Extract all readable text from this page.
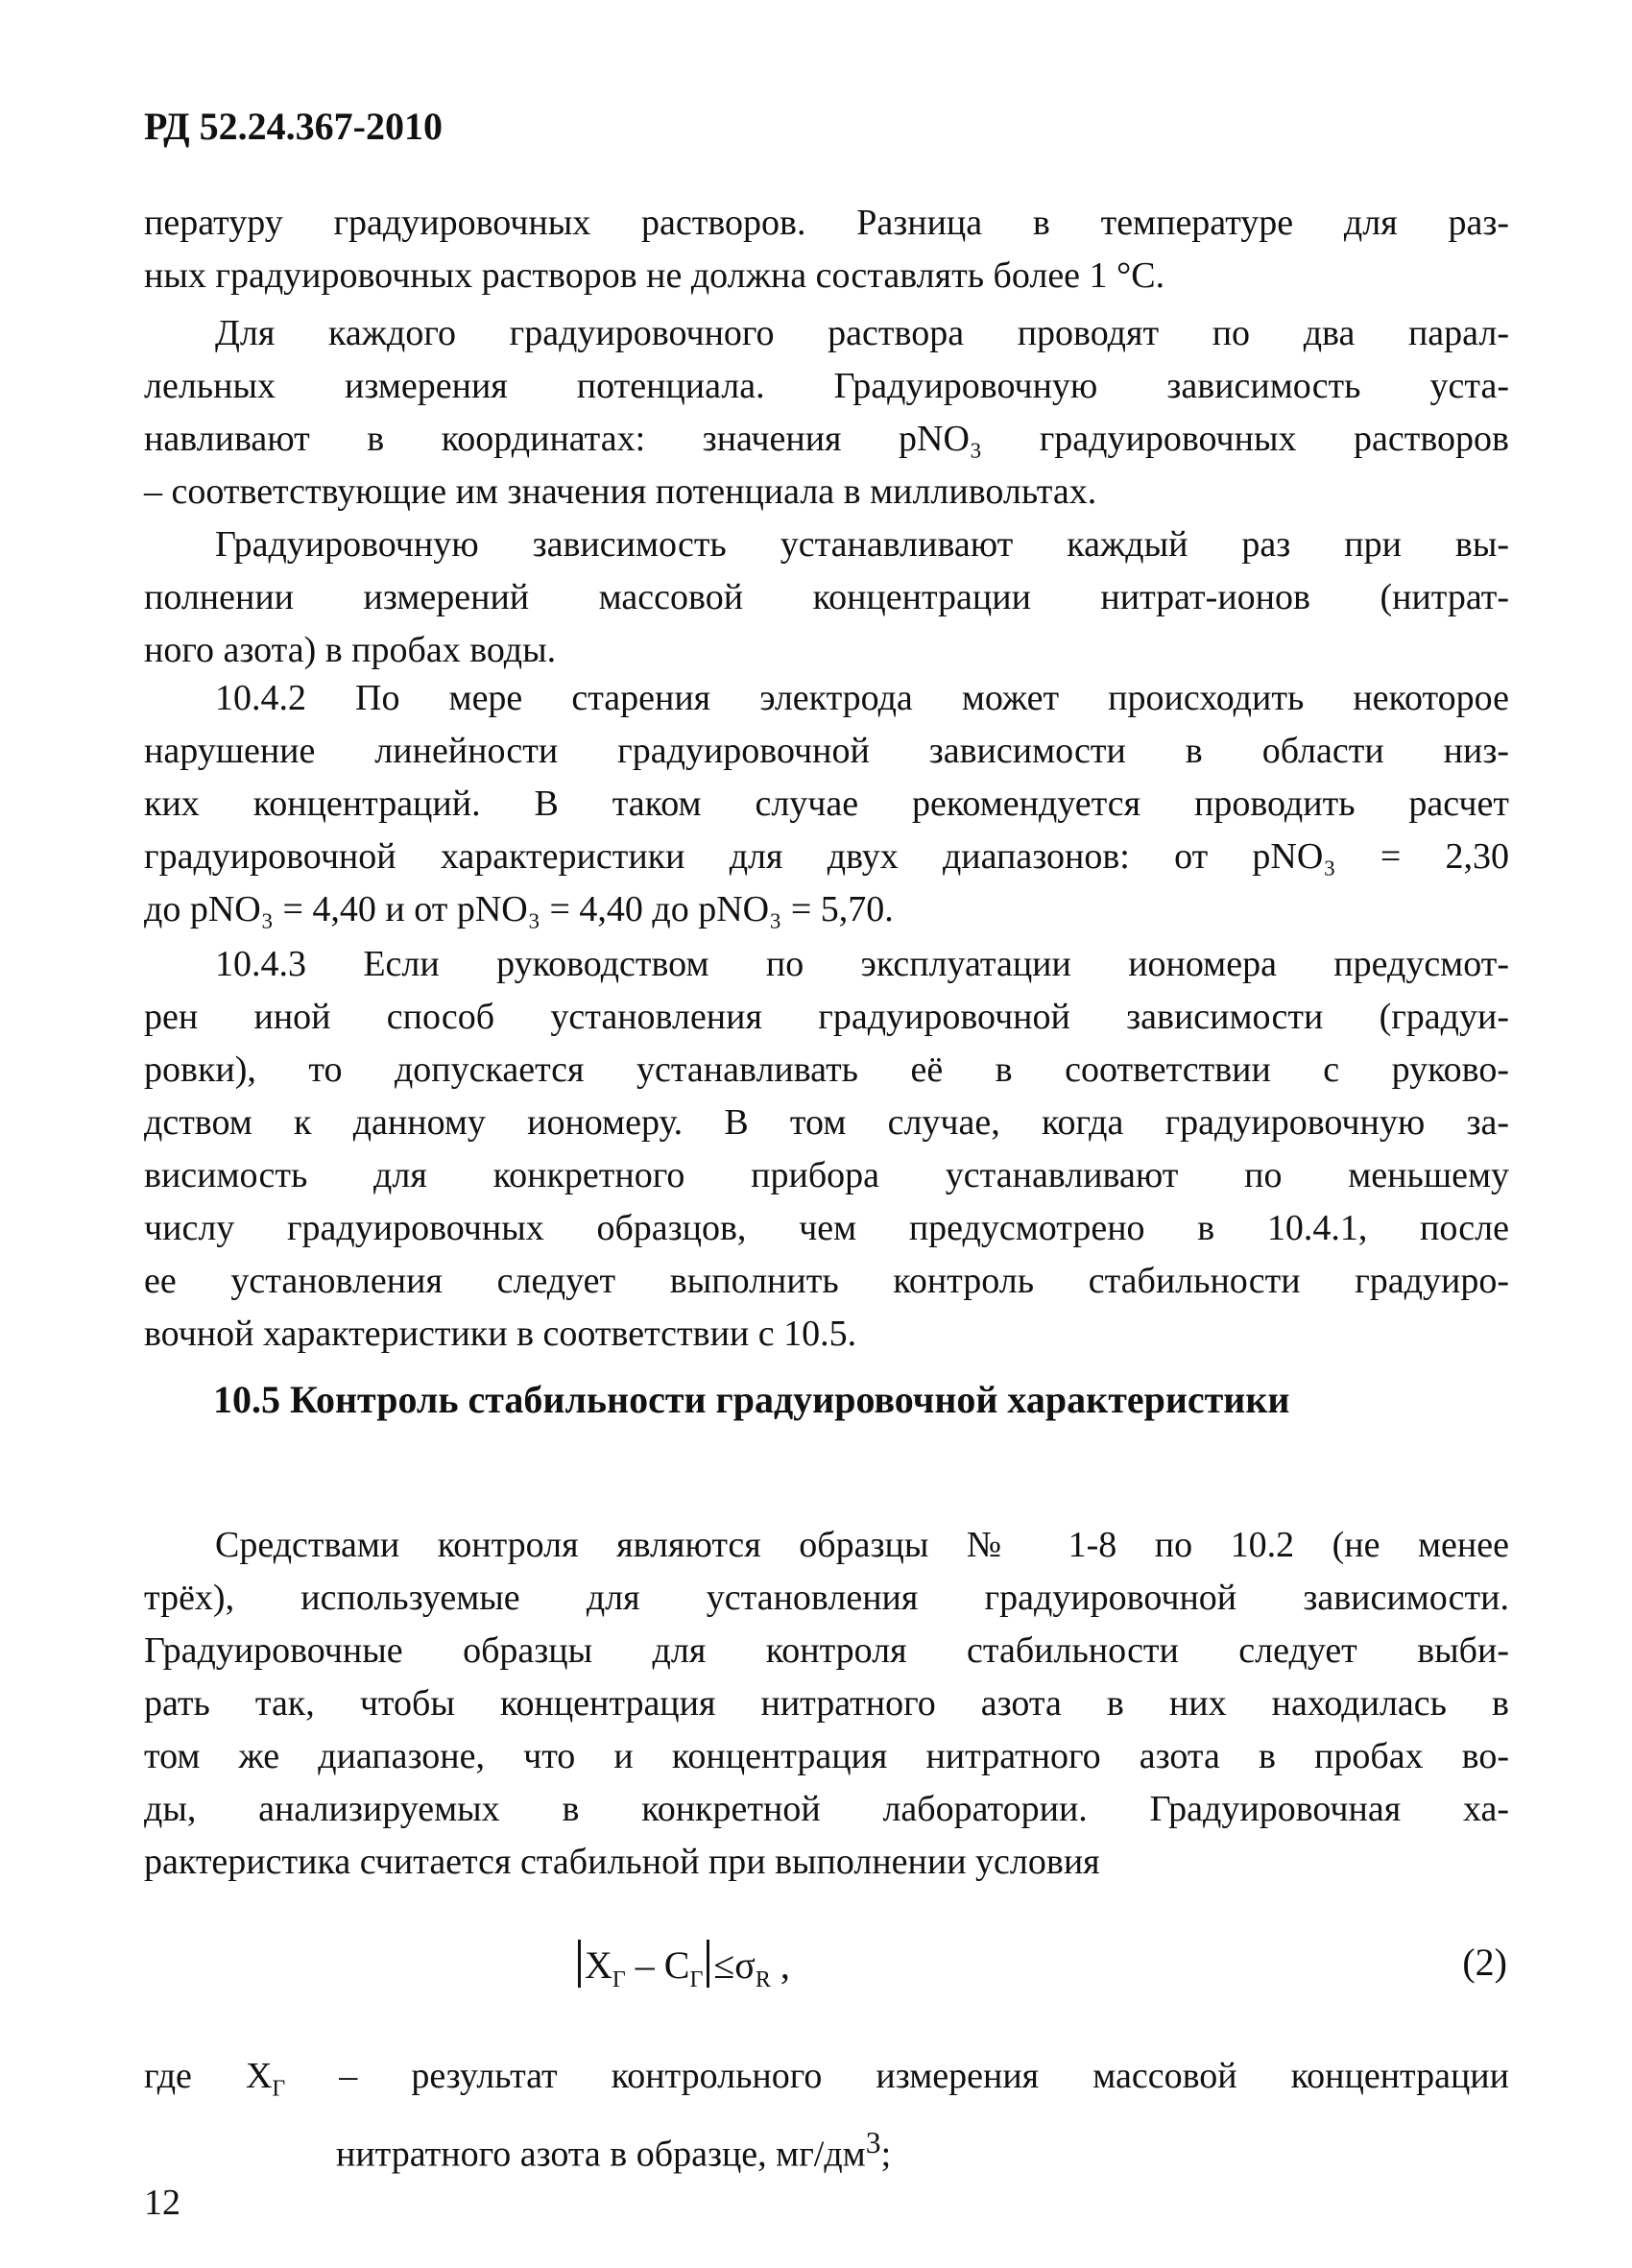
РД 52.24.367-2010
пературу градуировочных растворов. Разница в температуре для раз-
ных градуировочных растворов не должна составлять более 1 °С.
Для каждого градуировочного раствора проводят по два парал-
лельных измерения потенциала. Градуировочную зависимость уста-
навливают в координатах: значения pNO₃ градуировочных растворов
– соответствующие им значения потенциала в милливольтах.
Градуировочную зависимость устанавливают каждый раз при вы-
полнении измерений массовой концентрации нитрат-ионов (нитрат-
ного азота) в пробах воды.
10.4.2 По мере старения электрода может происходить некоторое
нарушение линейности градуировочной зависимости в области низ-
ких концентраций. В таком случае рекомендуется проводить расчет
градуировочной характеристики для двух диапазонов: от pNO₃ = 2,30
до pNO₃ = 4,40 и от pNO₃ = 4,40 до pNO₃ = 5,70.
10.4.3 Если руководством по эксплуатации иономера предусмот-
рен иной способ установления градуировочной зависимости (градуи-
ровки), то допускается устанавливать её в соответствии с руково-
дством к данному иономеру. В том случае, когда градуировочную за-
висимость для конкретного прибора устанавливают по меньшему
числу градуировочных образцов, чем предусмотрено в 10.4.1, после
ее установления следует выполнить контроль стабильности градуиро-
вочной характеристики в соответствии с 10.5.
10.5 Контроль стабильности градуировочной характеристики
Средствами контроля являются образцы № 1-8 по 10.2 (не менее
трёх), используемые для установления градуировочной зависимости.
Градуировочные образцы для контроля стабильности следует выби-
рать так, чтобы концентрация нитратного азота в них находилась в
том же диапазоне, что и концентрация нитратного азота в пробах во-
ды, анализируемых в конкретной лаборатории. Градуировочная ха-
рактеристика считается стабильной при выполнении условия
$X_Г - C_Г \le\sigma_R$ ,	(2)
где $X_Г$ – результат контрольного измерения массовой концентрации
нитратного азота в образце, $мг/дм^3$;
12
